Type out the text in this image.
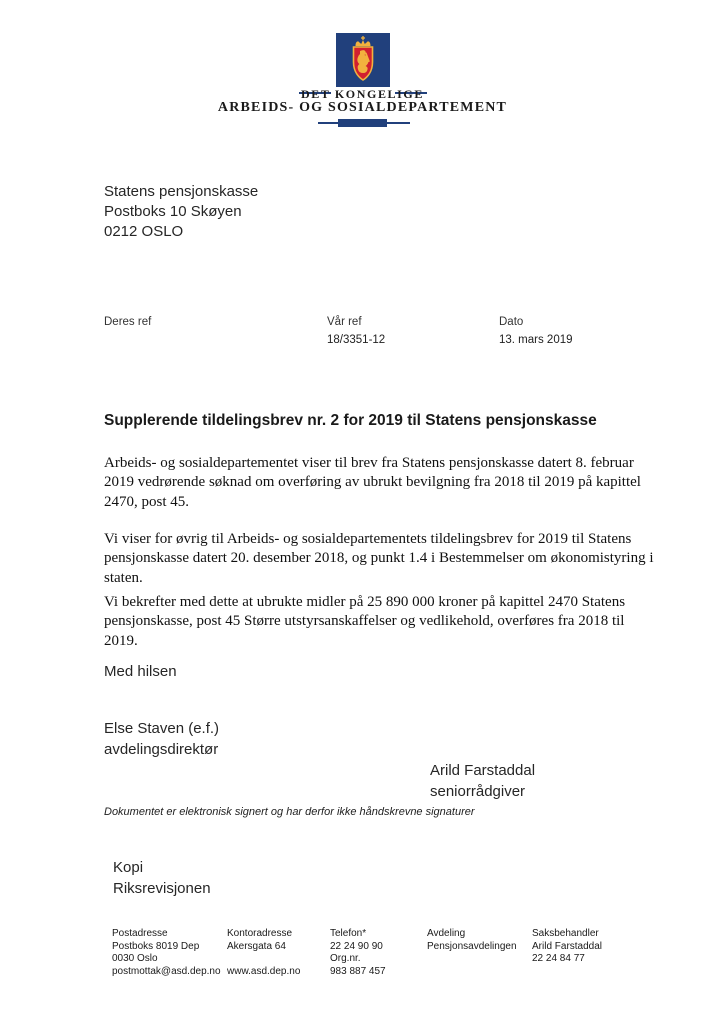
DET KONGELIGE
ARBEIDS- OG SOSIALDEPARTEMENT
Statens pensjonskasse
Postboks 10 Skøyen
0212 OSLO
Deres ref	Vår ref
18/3351-12
Dato
13. mars 2019
Supplerende tildelingsbrev nr. 2 for 2019 til Statens pensjonskasse
Arbeids- og sosialdepartementet viser til brev fra Statens pensjonskasse datert 8. februar 2019 vedrørende søknad om overføring av ubrukt bevilgning fra 2018 til 2019 på kapittel 2470, post 45.
Vi viser for øvrig til Arbeids- og sosialdepartementets tildelingsbrev for 2019 til Statens pensjonskasse datert 20. desember 2018, og punkt 1.4 i Bestemmelser om økonomistyring i staten.
Vi bekrefter med dette at ubrukte midler på 25 890 000 kroner på kapittel 2470 Statens pensjonskasse, post 45 Større utstyrsanskaffelser og vedlikehold, overføres fra 2018 til 2019.
Med hilsen
Else Staven (e.f.)
avdelingsdirektør
Arild Farstaddal
seniorrådgiver
Dokumentet er elektronisk signert og har derfor ikke håndskrevne signaturer
Kopi
Riksrevisjonen
Postadresse
Postboks 8019 Dep
0030 Oslo
postmottak@asd.dep.no
Kontoradresse
Akersgata 64
www.asd.dep.no
Telefon*
22 24 90 90
Org.nr.
983 887 457
Avdeling
Pensjonsavdelingen
Saksbehandler
Arild Farstaddal
22 24 84 77
